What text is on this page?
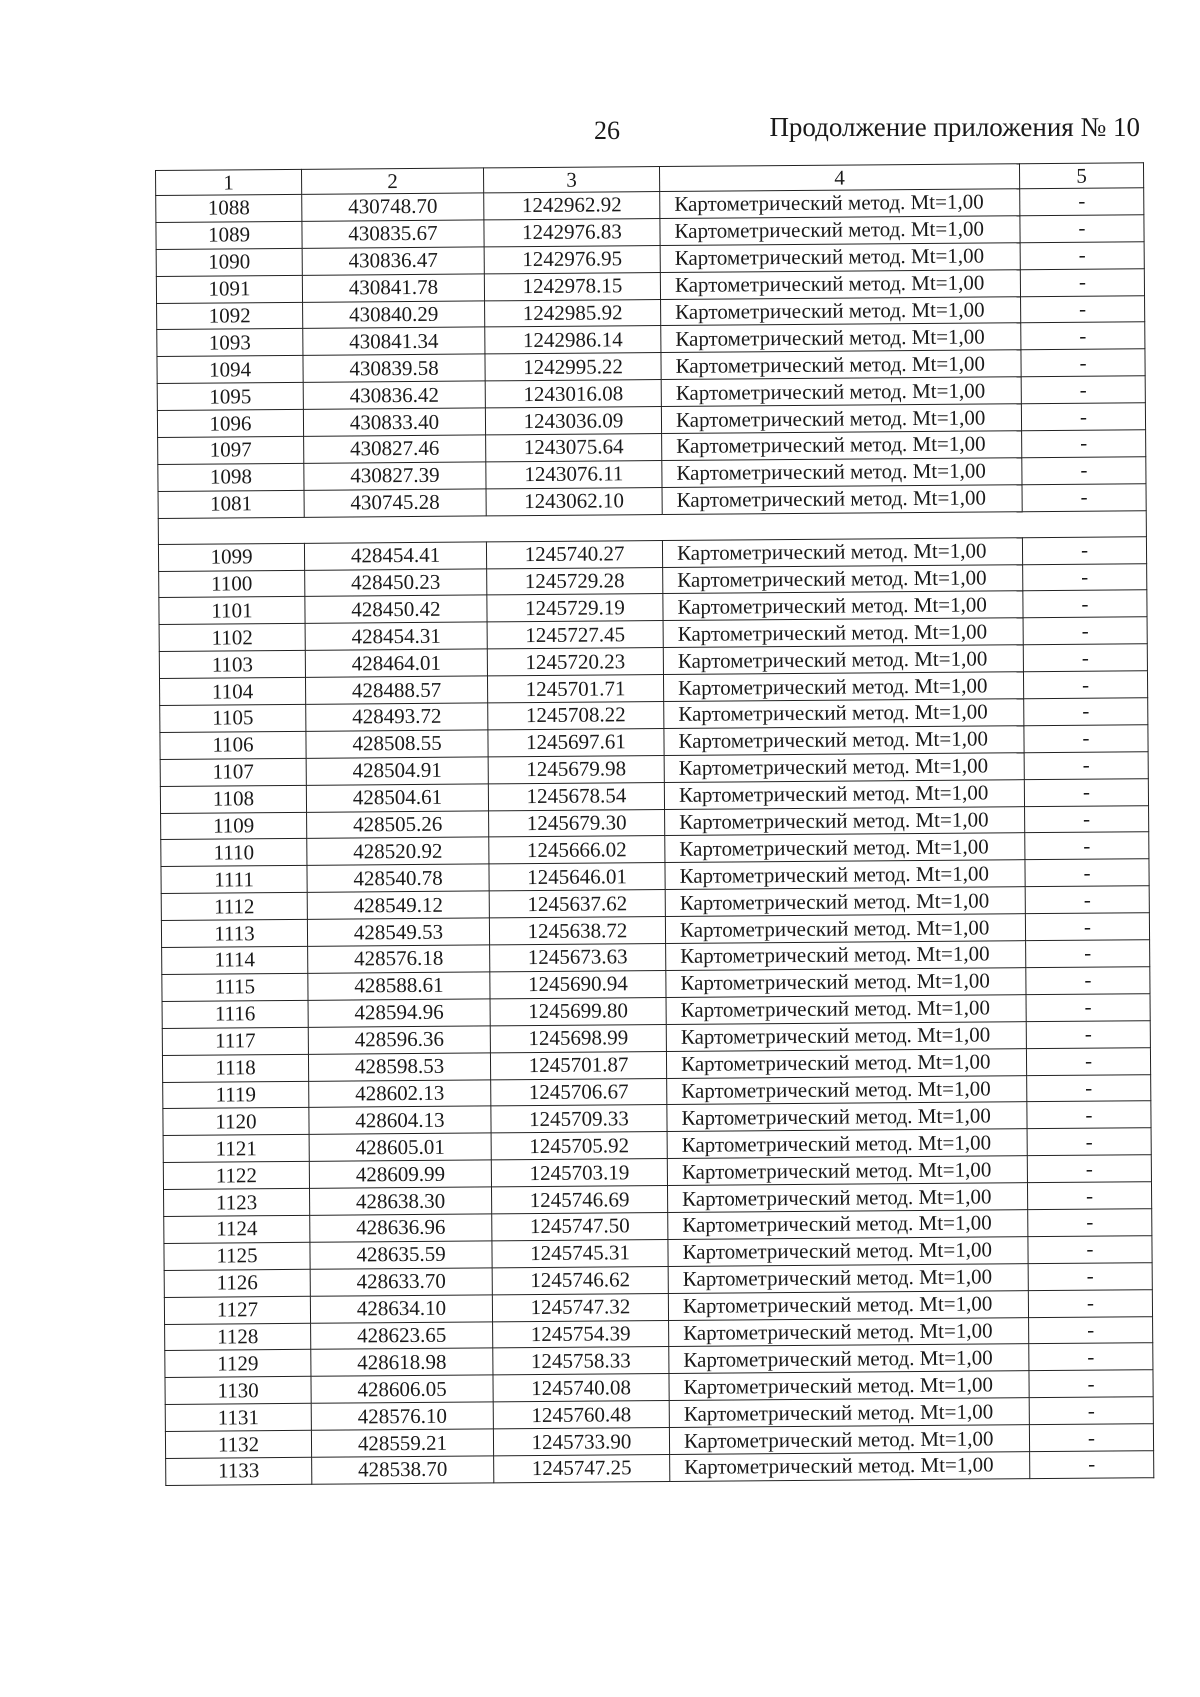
26	Продолжение приложения № 10
1	2	3	4	5
1088	430748.70	1242962.92	Картометрический метод. Mt=1,00	-
1089	430835.67	1242976.83	Картометрический метод. Mt=1,00	-
1090	430836.47	1242976.95	Картометрический метод. Mt=1,00	-
1091	430841.78	1242978.15	Картометрический метод. Mt=1,00	-
1092	430840.29	1242985.92	Картометрический метод. Mt=1,00	-
1093	430841.34	1242986.14	Картометрический метод. Mt=1,00	-
1094	430839.58	1242995.22	Картометрический метод. Mt=1,00	-
1095	430836.42	1243016.08	Картометрический метод. Mt=1,00	-
1096	430833.40	1243036.09	Картометрический метод. Mt=1,00	-
1097	430827.46	1243075.64	Картометрический метод. Mt=1,00	-
1098	430827.39	1243076.11	Картометрический метод. Mt=1,00	-
1081	430745.28	1243062.10	Картометрический метод. Mt=1,00	-

1099	428454.41	1245740.27	Картометрический метод. Mt=1,00	-
1100	428450.23	1245729.28	Картометрический метод. Mt=1,00	-
1101	428450.42	1245729.19	Картометрический метод. Mt=1,00	-
1102	428454.31	1245727.45	Картометрический метод. Mt=1,00	-
1103	428464.01	1245720.23	Картометрический метод. Mt=1,00	-
1104	428488.57	1245701.71	Картометрический метод. Mt=1,00	-
1105	428493.72	1245708.22	Картометрический метод. Mt=1,00	-
1106	428508.55	1245697.61	Картометрический метод. Mt=1,00	-
1107	428504.91	1245679.98	Картометрический метод. Mt=1,00	-
1108	428504.61	1245678.54	Картометрический метод. Mt=1,00	-
1109	428505.26	1245679.30	Картометрический метод. Mt=1,00	-
1110	428520.92	1245666.02	Картометрический метод. Mt=1,00	-
1111	428540.78	1245646.01	Картометрический метод. Mt=1,00	-
1112	428549.12	1245637.62	Картометрический метод. Mt=1,00	-
1113	428549.53	1245638.72	Картометрический метод. Mt=1,00	-
1114	428576.18	1245673.63	Картометрический метод. Mt=1,00	-
1115	428588.61	1245690.94	Картометрический метод. Mt=1,00	-
1116	428594.96	1245699.80	Картометрический метод. Mt=1,00	-
1117	428596.36	1245698.99	Картометрический метод. Mt=1,00	-
1118	428598.53	1245701.87	Картометрический метод. Mt=1,00	-
1119	428602.13	1245706.67	Картометрический метод. Mt=1,00	-
1120	428604.13	1245709.33	Картометрический метод. Mt=1,00	-
1121	428605.01	1245705.92	Картометрический метод. Mt=1,00	-
1122	428609.99	1245703.19	Картометрический метод. Mt=1,00	-
1123	428638.30	1245746.69	Картометрический метод. Mt=1,00	-
1124	428636.96	1245747.50	Картометрический метод. Mt=1,00	-
1125	428635.59	1245745.31	Картометрический метод. Mt=1,00	-
1126	428633.70	1245746.62	Картометрический метод. Mt=1,00	-
1127	428634.10	1245747.32	Картометрический метод. Mt=1,00	-
1128	428623.65	1245754.39	Картометрический метод. Mt=1,00	-
1129	428618.98	1245758.33	Картометрический метод. Mt=1,00	-
1130	428606.05	1245740.08	Картометрический метод. Mt=1,00	-
1131	428576.10	1245760.48	Картометрический метод. Mt=1,00	-
1132	428559.21	1245733.90	Картометрический метод. Mt=1,00	-
1133	428538.70	1245747.25	Картометрический метод. Mt=1,00	-
